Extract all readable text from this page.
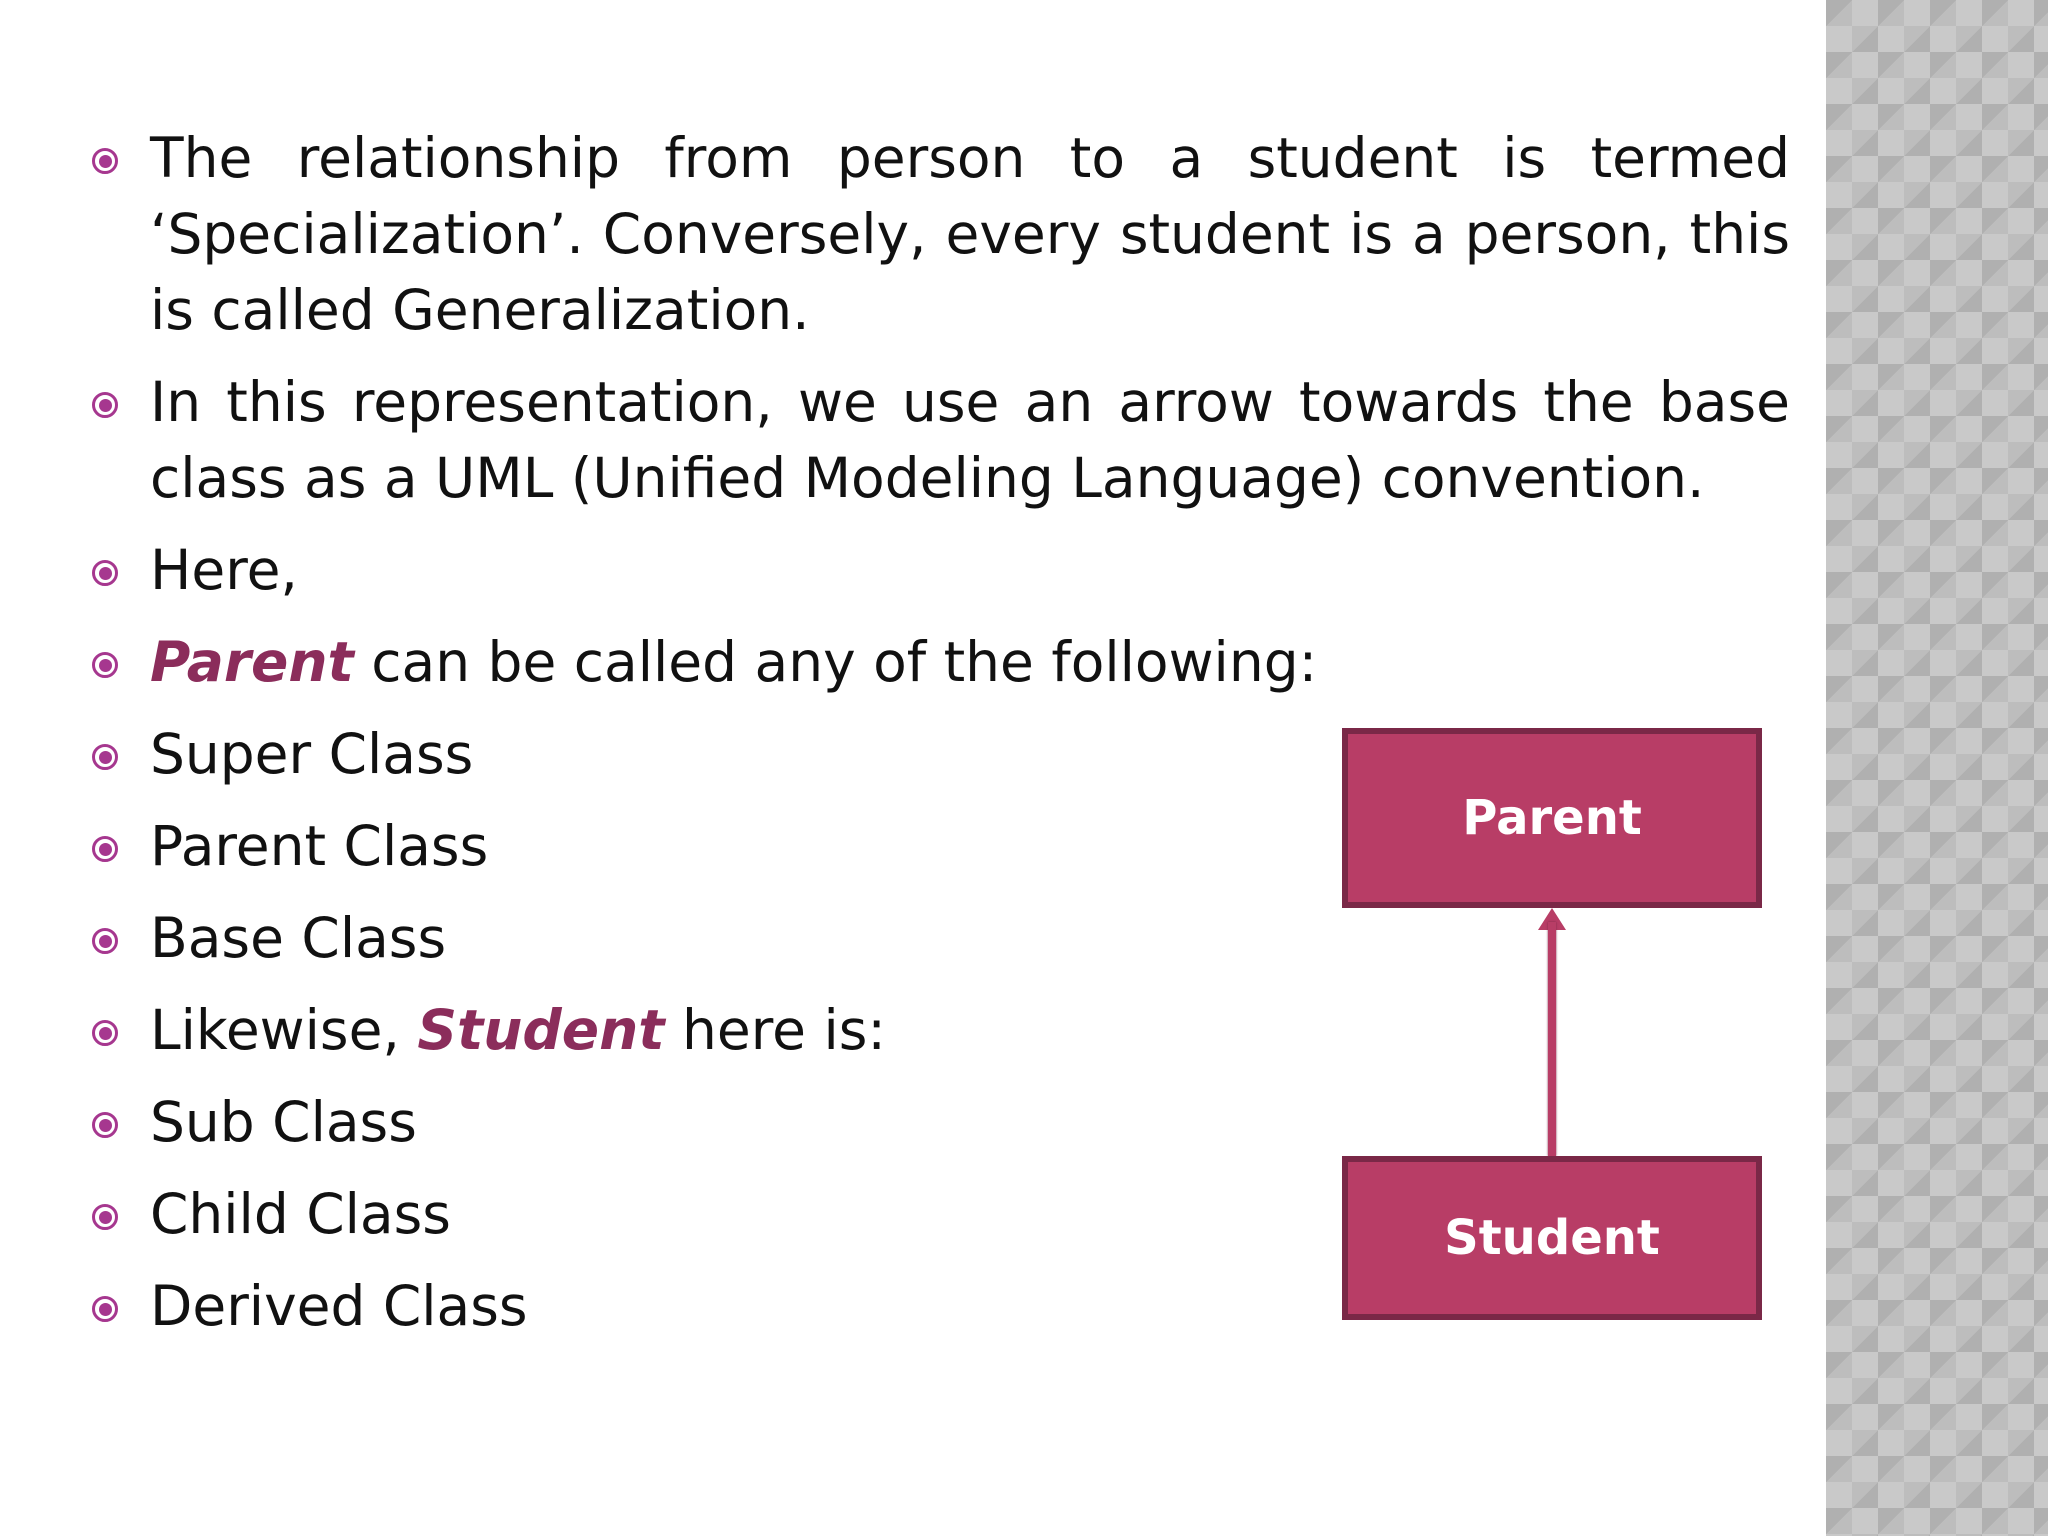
The relationship from person to a student is termed ‘Specialization’. Conversely, every student is a person, this is called Generalization.
In this representation, we use an arrow towards the base class as a UML (Unified Modeling Language) convention.
Here,
Parent can be called any of the following:
Super Class
Parent Class
Base Class
Likewise, Student here is:
Sub Class
Child Class
Derived Class
Parent
Student
